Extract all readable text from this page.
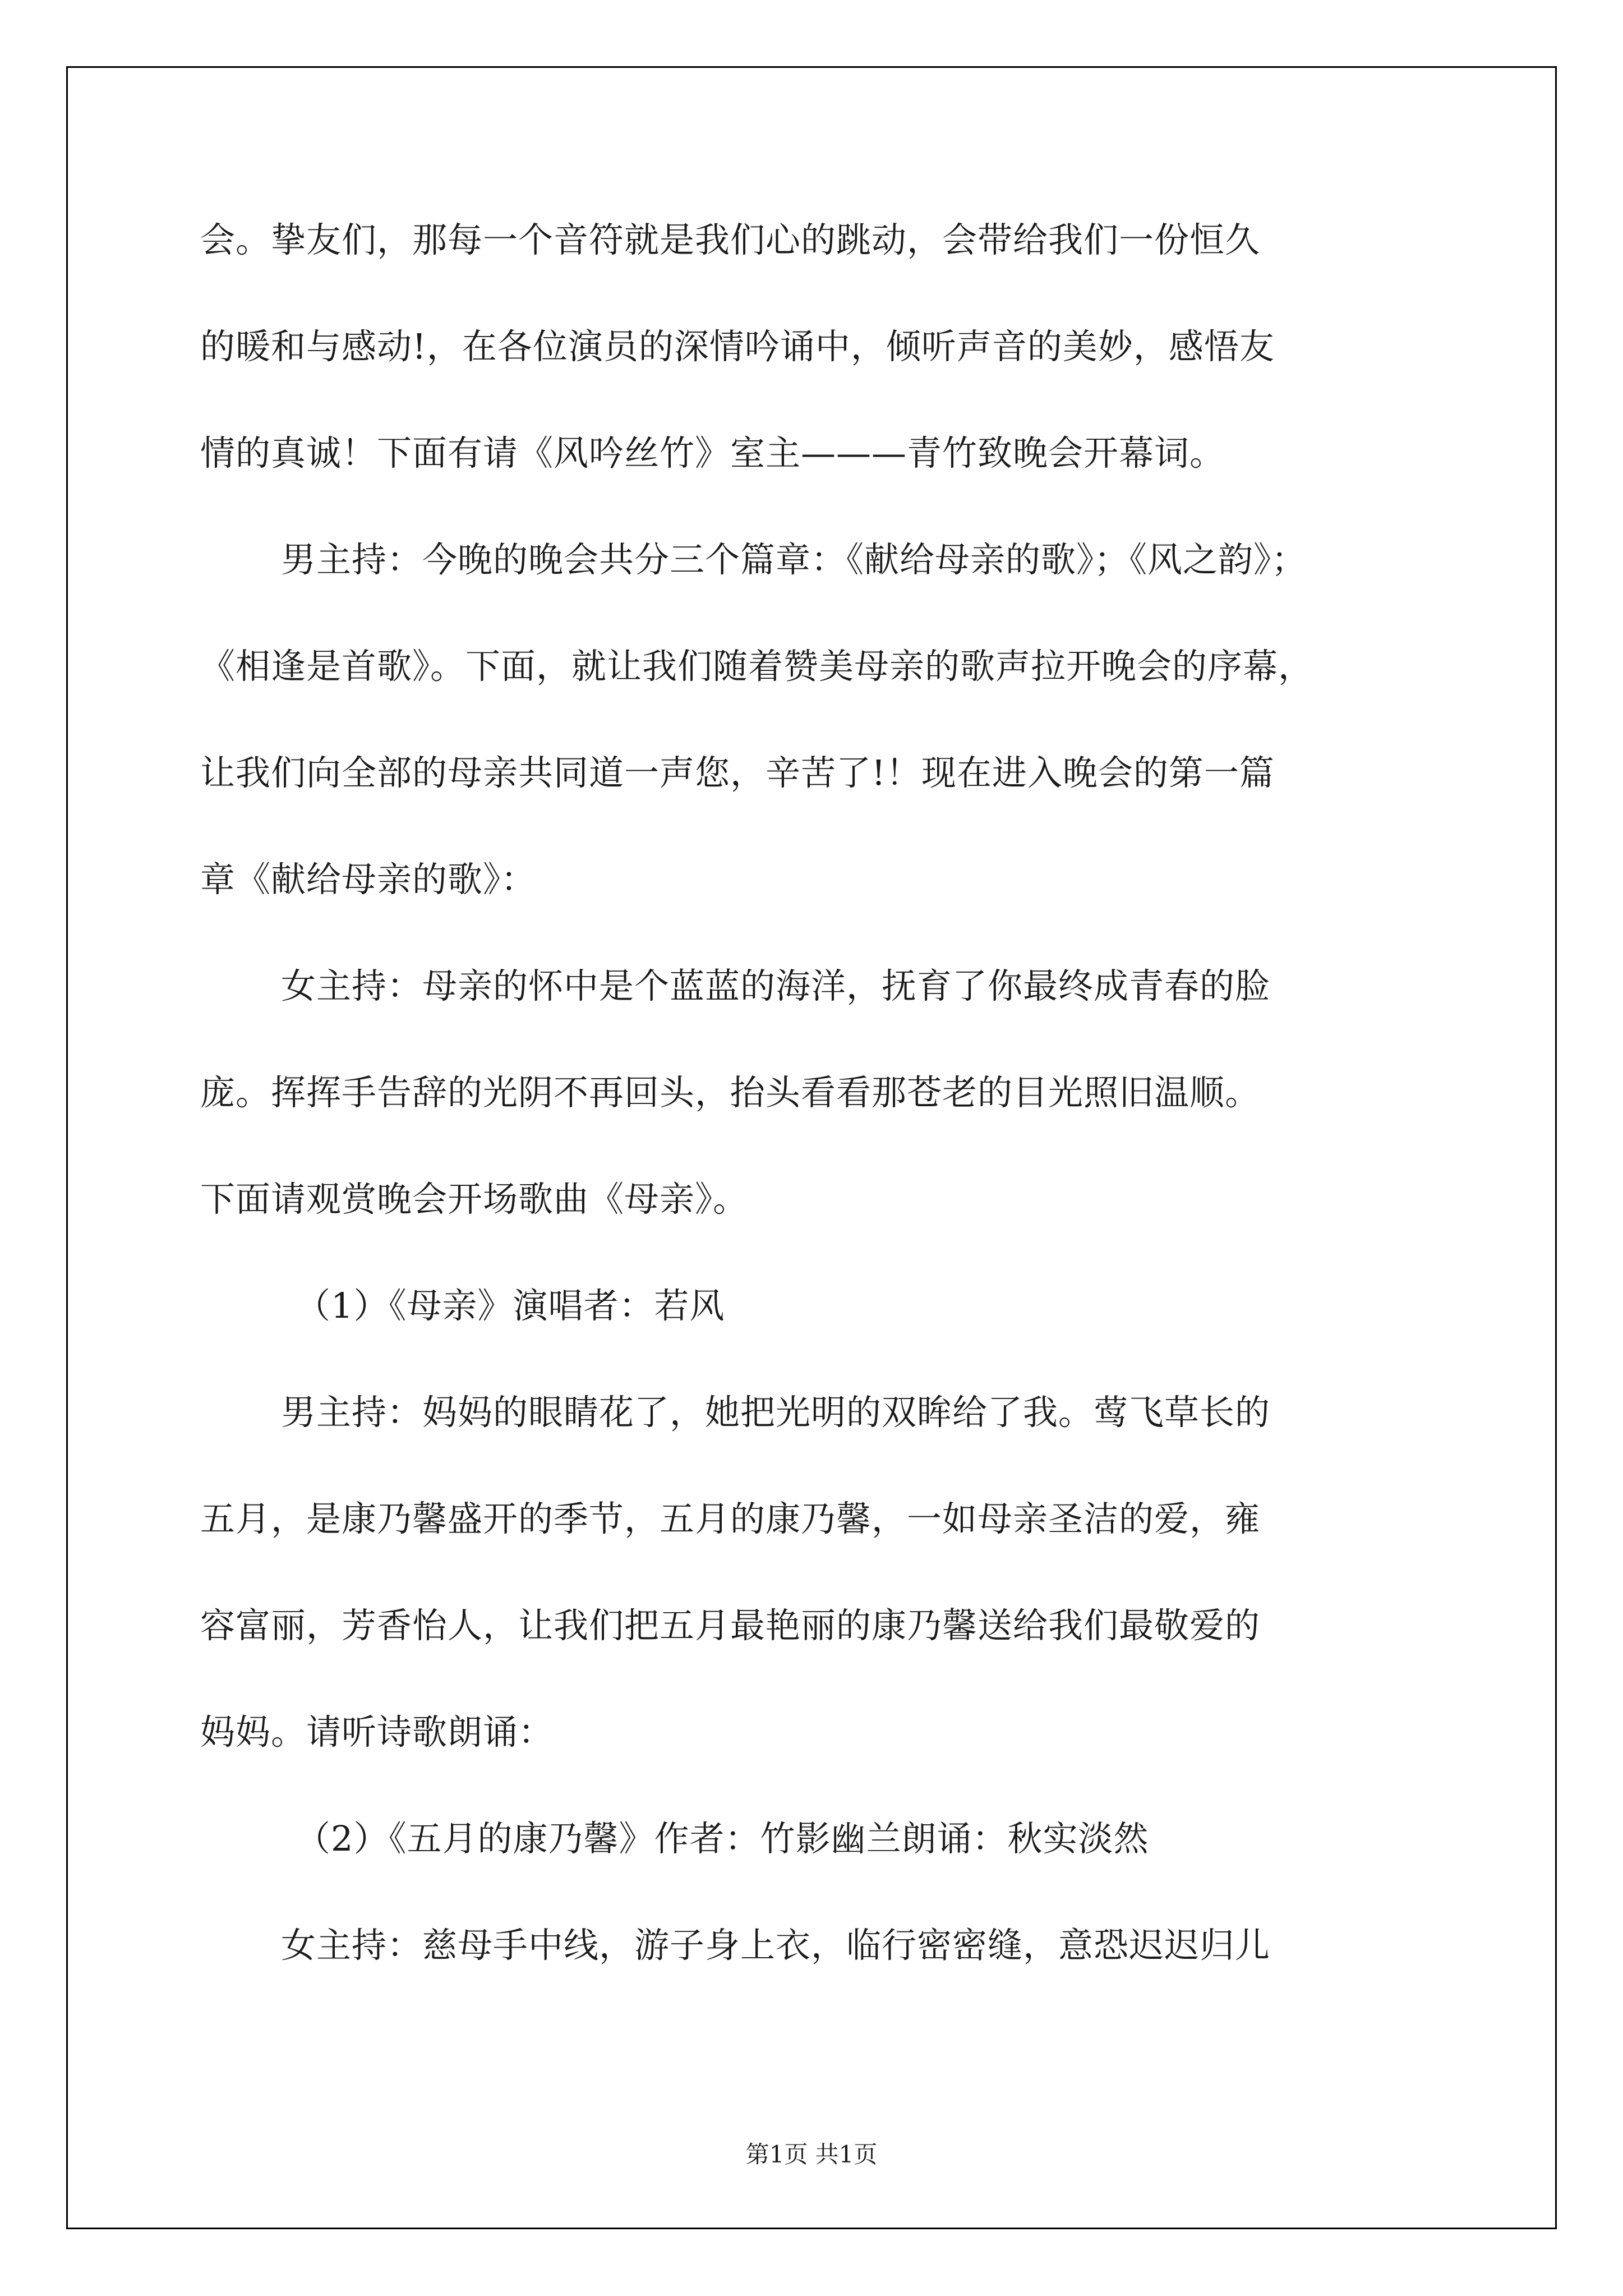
会。挚友们，那每一个音符就是我们心的跳动，会带给我们一份恒久
的暖和与感动!，在各位演员的深情吟诵中，倾听声音的美妙，感悟友
情的真诚！下面有请《风吟丝竹》室主———青竹致晚会开幕词。
男主持：今晚的晚会共分三个篇章：《献给母亲的歌》；《风之韵》；
《相逢是首歌》。下面，就让我们随着赞美母亲的歌声拉开晚会的序幕，
让我们向全部的母亲共同道一声您，辛苦了!！现在进入晚会的第一篇
章《献给母亲的歌》：
女主持：母亲的怀中是个蓝蓝的海洋，抚育了你最终成青春的脸
庞。挥挥手告辞的光阴不再回头，抬头看看那苍老的目光照旧温顺。
下面请观赏晚会开场歌曲《母亲》。
（1）《母亲》演唱者：若风
男主持：妈妈的眼睛花了，她把光明的双眸给了我。莺飞草长的
五月，是康乃馨盛开的季节，五月的康乃馨，一如母亲圣洁的爱，雍
容富丽，芳香怡人，让我们把五月最艳丽的康乃馨送给我们最敬爱的
妈妈。请听诗歌朗诵：
（2）《五月的康乃馨》作者：竹影幽兰朗诵：秋实淡然
女主持：慈母手中线，游子身上衣，临行密密缝，意恐迟迟归儿
第1页 共1页
